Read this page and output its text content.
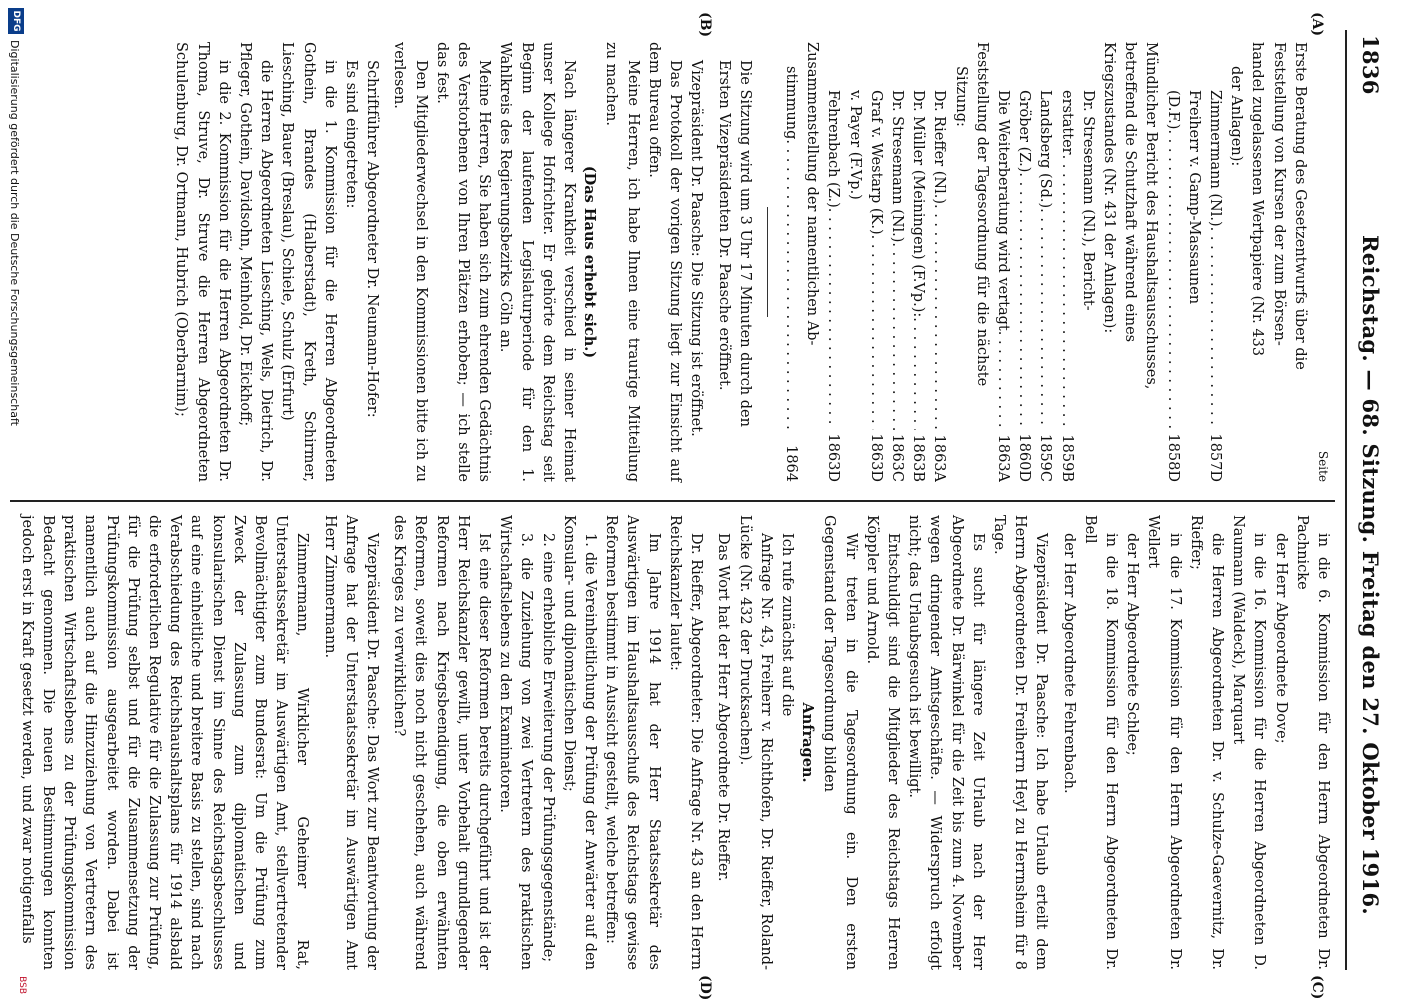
1836
Reichstag. — 68. Sitzung. Freitag den 27. Oktober 1916.
(A)
(B)
(C)
(D)
Seite
Erste Beratung des Gesetzentwurfs über die
Feststellung von Kursen der zum Börsen-
handel zugelassenen Wertpapiere (Nr. 433
der Anlagen):
Zimmermann (Nl.)
. . .
1857D
Freiherr v. Gamp-Massaunen
(D.F.)
. . .
1858D
Mündlicher Bericht des Haushaltsausschusses,
betreffend die Schutzhaft während eines
Kriegszustandes (Nr. 431 der Anlagen):
Dr. Stresemann (Nl.), Bericht-
erstatter
. . .
1859B
Landsberg (Sd.)
. . .
1859C
Gröber (Z.)
. . .
1860D
Die Weiterberatung wird vertagt
. . .
1863A
Feststellung der Tagesordnung für die nächste
Sitzung:
Dr. Rieffer (Nl.)
. . .
1863A
Dr. Müller (Meiningen) (F.Vp.):
. . .
1863B
Dr. Stresemann (Nl.)
. . .
1863C
Graf v. Westarp (K.)
. . .
1863D
v. Payer (F.Vp.)
Fehrenbach (Z.)
. . .
1863D
Zusammenstellung der namentlichen Ab-
stimmung
. . .
1864
Die Sitzung wird um 3 Uhr 17 Minuten durch den
Ersten Vizepräsidenten Dr. Paasche eröffnet.
Vizepräsident Dr. Paasche: Die Sitzung ist eröffnet.
Das Protokoll der vorigen Sitzung liegt zur Einsicht auf dem Bureau offen.
Meine Herren, ich habe Ihnen eine traurige Mitteilung zu machen.
(Das Haus erhebt sich.)
Nach längerer Krankheit verschied in seiner Heimat unser Kollege Hofrichter. Er gehörte dem Reichstag seit Beginn der laufenden Legislaturperiode für den 1. Wahlkreis des Regierungsbezirks Cöln an.
Meine Herren, Sie haben sich zum ehrenden Gedächtnis des Verstorbenen von Ihren Plätzen erhoben; — ich stelle das fest.
Den Mitgliederwechsel in den Kommissionen bitte ich zu verlesen.
Schriftführer Abgeordneter Dr. Neumann-Hofer:
Es sind eingetreten:
in die 1. Kommission für die Herren Abgeordneten Gothein, Brandes (Halberstadt), Kreth, Schirmer, Liesching, Bauer (Breslau), Schiele, Schulz (Erfurt)
die Herren Abgeordneten Liesching, Wels, Dietrich, Dr. Pfleger, Gothein, Davidsohn, Meinhold, Dr. Eickhoff;
in die 2. Kommission für die Herren Abgeordneten Dr. Thoma, Struve, Dr. Struve die Herren Abgeordneten Schulenburg, Dr. Ortmann, Hubrich (Oberbarnim);
in die 6. Kommission für den Herrn Abgeordneten Dr. Pachnicke
der Herr Abgeordnete Dove;
in die 16. Kommission für die Herren Abgeordneten D. Naumann (Waldeck), Marquart
die Herren Abgeordneten Dr. v. Schulze-Gaevernitz, Dr. Rieffer;
in die 17. Kommission für den Herrn Abgeordneten Dr. Wellert
der Herr Abgeordnete Schlee;
in die 18. Kommission für den Herrn Abgeordneten Dr. Bell
der Herr Abgeordnete Fehrenbach.
Vizepräsident Dr. Paasche: Ich habe Urlaub erteilt dem Herrn Abgeordneten Dr. Freiherrn Heyl zu Herrnsheim für 8 Tage.
Es sucht für längere Zeit Urlaub nach der Herr Abgeordnete Dr. Bärwinkel für die Zeit bis zum 4. November wegen dringender Amtsgeschäfte. — Widerspruch erfolgt nicht; das Urlaubsgesuch ist bewilligt.
Entschuldigt sind die Mitglieder des Reichstags Herren Köppler und Arnold.
Wir treten in die Tagesordnung ein. Den ersten Gegenstand der Tagesordnung bilden
Anfragen.
Ich rufe zunächst auf die
Anfrage Nr. 43, Freiherr v. Richthofen, Dr. Rieffer, Roland-Lücke (Nr. 432 der Drucksachen).
Das Wort hat der Herr Abgeordnete Dr. Rieffer.
Dr. Rieffer, Abgeordneter: Die Anfrage Nr. 43 an den Herrn Reichskanzler lautet:
Im Jahre 1914 hat der Herr Staatssekretär des Auswärtigen im Haushaltsausschuß des Reichstags gewisse Reformen bestimmt in Aussicht gestellt, welche betreffen:
1. die Vereinheitlichung der Prüfung der Anwärter auf den Konsular- und diplomatischen Dienst;
2. eine erhebliche Erweiterung der Prüfungsgegenstände;
3. die Zuziehung von zwei Vertretern des praktischen Wirtschaftslebens zu den Examinatoren.
Ist eine dieser Reformen bereits durchgeführt und ist der Herr Reichskanzler gewillt, unter Vorbehalt grundlegender Reformen nach Kriegsbeendigung, die oben erwähnten Reformen, soweit dies noch nicht geschehen, auch während des Krieges zu verwirklichen?
Vizepräsident Dr. Paasche: Das Wort zur Beantwortung der Anfrage hat der Unterstaatssekretär im Auswärtigen Amt Herr Zimmermann.
Zimmermann, Wirklicher Geheimer Rat, Unterstaatssekretär im Auswärtigen Amt, stellvertretender Bevollmächtigter zum Bundesrat: Um die Prüfung zum Zweck der Zulassung zum diplomatischen und konsularischen Dienst im Sinne des Reichstagsbeschlusses auf eine einheitliche und breitere Basis zu stellen, sind nach Verabschiedung des Reichshaushaltsplans für 1914 alsbald die erforderlichen Regulative für die Zulassung zur Prüfung, für die Prüfung selbst und für die Zusammensetzung der Prüfungskommission ausgearbeitet worden. Dabei ist namentlich auch auf die Hinzuziehung von Vertretern des praktischen Wirtschaftslebens zu der Prüfungskommission Bedacht genommen. Die neuen Bestimmungen konnten jedoch erst in Kraft gesetzt werden, und zwar notigenfalls
DFG
Digitalisierung gefördert durch die Deutsche Forschungsgemeinschaft
BSB
